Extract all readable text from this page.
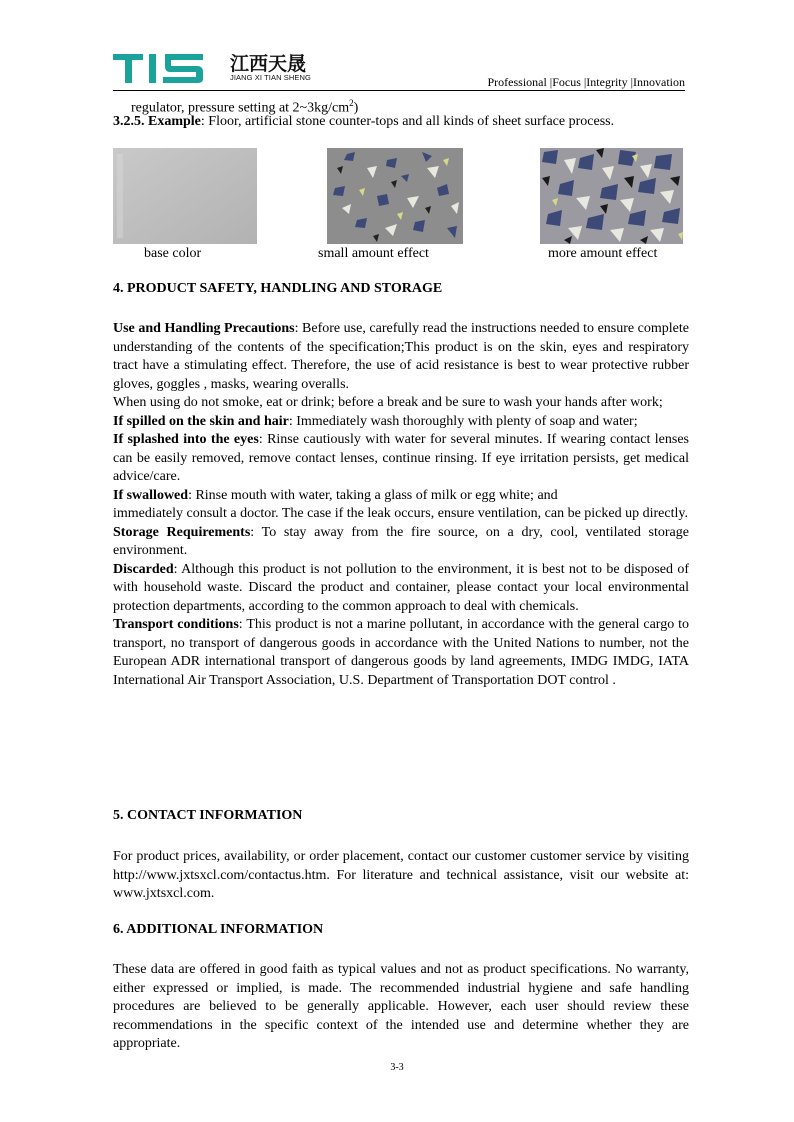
江西天晟
JIANG XI TIAN SHENG	Professional |Focus |Integrity |Innovation
regulator, pressure setting at $2\sim 3kg/cm^2$)
3.2.5. Example: Floor, artificial stone counter-tops and all kinds of sheet surface process.
base color	small amount effect	more amount effect
4. PRODUCT SAFETY, HANDLING AND STORAGE
Use and Handling Precautions: Before use, carefully read the instructions needed to ensure complete understanding of the contents of the specification;This product is on the skin, eyes and respiratory tract have a stimulating effect. Therefore, the use of acid resistance is best to wear protective rubber gloves, goggles , masks, wearing overalls.
When using do not smoke, eat or drink; before a break and be sure to wash your hands after work;
If spilled on the skin and hair: Immediately wash thoroughly with plenty of soap and water;
If splashed into the eyes: Rinse cautiously with water for several minutes. If wearing contact lenses can be easily removed, remove contact lenses, continue rinsing. If eye irritation persists, get medical advice/care.
If swallowed: Rinse mouth with water, taking a glass of milk or egg white; and
immediately consult a doctor. The case if the leak occurs, ensure ventilation, can be picked up directly.
Storage Requirements: To stay away from the fire source, on a dry, cool, ventilated storage environment.
Discarded: Although this product is not pollution to the environment, it is best not to be disposed of with household waste. Discard the product and container, please contact your local environmental protection departments, according to the common approach to deal with chemicals.
Transport conditions: This product is not a marine pollutant, in accordance with the general cargo to transport, no transport of dangerous goods in accordance with the United Nations to number, not the European ADR international transport of dangerous goods by land agreements, IMDG IMDG, IATA International Air Transport Association, U.S. Department of Transportation DOT control .
5. CONTACT INFORMATION
For product prices, availability, or order placement, contact our customer customer service by visiting http://www.jxtsxcl.com/contactus.htm. For literature and technical assistance, visit our website at: www.jxtsxcl.com.
6. ADDITIONAL INFORMATION
These data are offered in good faith as typical values and not as product specifications. No warranty, either expressed or implied, is made. The recommended industrial hygiene and safe handling procedures are believed to be generally applicable. However, each user should review these recommendations in the specific context of the intended use and determine whether they are appropriate.
3-3
